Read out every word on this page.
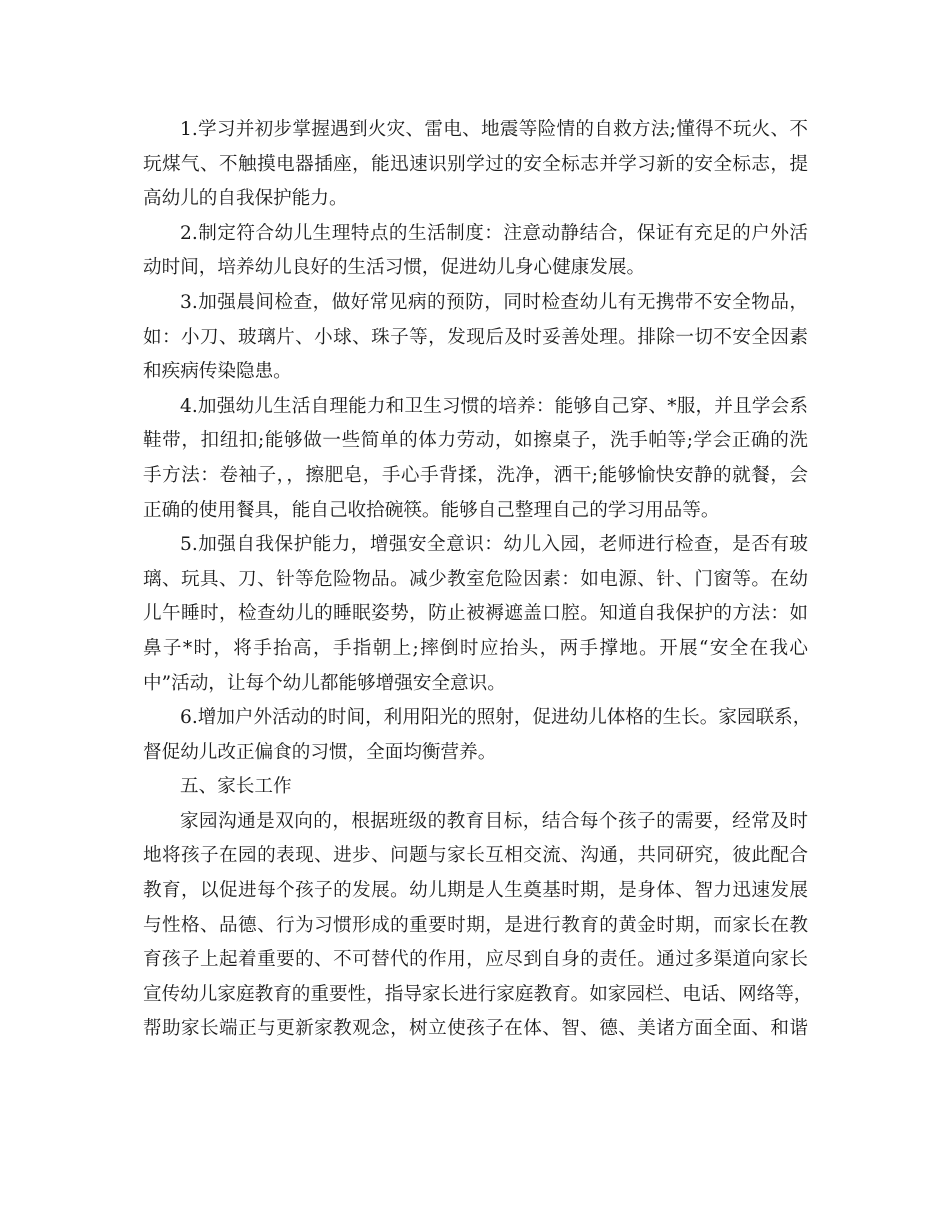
1.学习并初步掌握遇到火灾、雷电、地震等险情的自救方法;懂得不玩火、不
玩煤气、不触摸电器插座，能迅速识别学过的安全标志并学习新的安全标志，提
高幼儿的自我保护能力。

2.制定符合幼儿生理特点的生活制度：注意动静结合，保证有充足的户外活
动时间，培养幼儿良好的生活习惯，促进幼儿身心健康发展。

3.加强晨间检查，做好常见病的预防，同时检查幼儿有无携带不安全物品，
如：小刀、玻璃片、小球、珠子等，发现后及时妥善处理。排除一切不安全因素
和疾病传染隐患。

4.加强幼儿生活自理能力和卫生习惯的培养：能够自己穿、*服，并且学会系
鞋带，扣纽扣;能够做一些简单的体力劳动，如擦桌子，洗手帕等;学会正确的洗
手方法：卷袖子，，擦肥皂，手心手背揉，洗净，洒干;能够愉快安静的就餐，会
正确的使用餐具，能自己收拾碗筷。能够自己整理自己的学习用品等。

5.加强自我保护能力，增强安全意识：幼儿入园，老师进行检查，是否有玻
璃、玩具、刀、针等危险物品。减少教室危险因素：如电源、针、门窗等。在幼
儿午睡时，检查幼儿的睡眠姿势，防止被褥遮盖口腔。知道自我保护的方法：如
鼻子*时，将手抬高，手指朝上;摔倒时应抬头，两手撑地。开展“安全在我心
中”活动，让每个幼儿都能够增强安全意识。

6.增加户外活动的时间，利用阳光的照射，促进幼儿体格的生长。家园联系，
督促幼儿改正偏食的习惯，全面均衡营养。

五、家长工作

家园沟通是双向的，根据班级的教育目标，结合每个孩子的需要，经常及时
地将孩子在园的表现、进步、问题与家长互相交流、沟通，共同研究，彼此配合
教育，以促进每个孩子的发展。幼儿期是人生奠基时期，是身体、智力迅速发展
与性格、品德、行为习惯形成的重要时期，是进行教育的黄金时期，而家长在教
育孩子上起着重要的、不可替代的作用，应尽到自身的责任。通过多渠道向家长
宣传幼儿家庭教育的重要性，指导家长进行家庭教育。如家园栏、电话、网络等，
帮助家长端正与更新家教观念，树立使孩子在体、智、德、美诸方面全面、和谐
